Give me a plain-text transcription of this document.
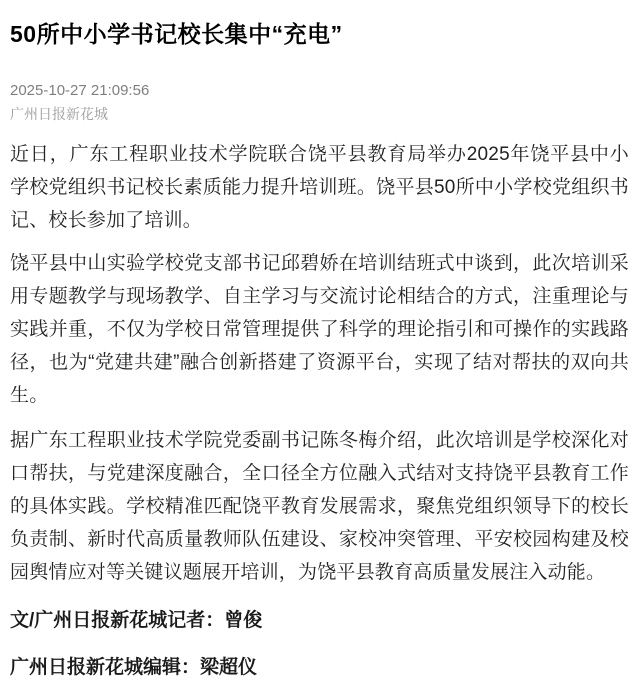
50所中小学书记校长集中“充电”
2025-10-27 21:09:56
广州日报新花城

近日，广东工程职业技术学院联合饶平县教育局举办2025年饶平县中小学校党组织书记校长素质能力提升培训班。饶平县50所中小学校党组织书记、校长参加了培训。

饶平县中山实验学校党支部书记邱碧娇在培训结班式中谈到，此次培训采用专题教学与现场教学、自主学习与交流讨论相结合的方式，注重理论与实践并重，不仅为学校日常管理提供了科学的理论指引和可操作的实践路径，也为“党建共建”融合创新搭建了资源平台，实现了结对帮扶的双向共生。

据广东工程职业技术学院党委副书记陈冬梅介绍，此次培训是学校深化对口帮扶，与党建深度融合，全口径全方位融入式结对支持饶平县教育工作的具体实践。学校精准匹配饶平教育发展需求，聚焦党组织领导下的校长负责制、新时代高质量教师队伍建设、家校冲突管理、平安校园构建及校园舆情应对等关键议题展开培训，为饶平县教育高质量发展注入动能。

文/广州日报新花城记者：曾俊

广州日报新花城编辑：梁超仪
